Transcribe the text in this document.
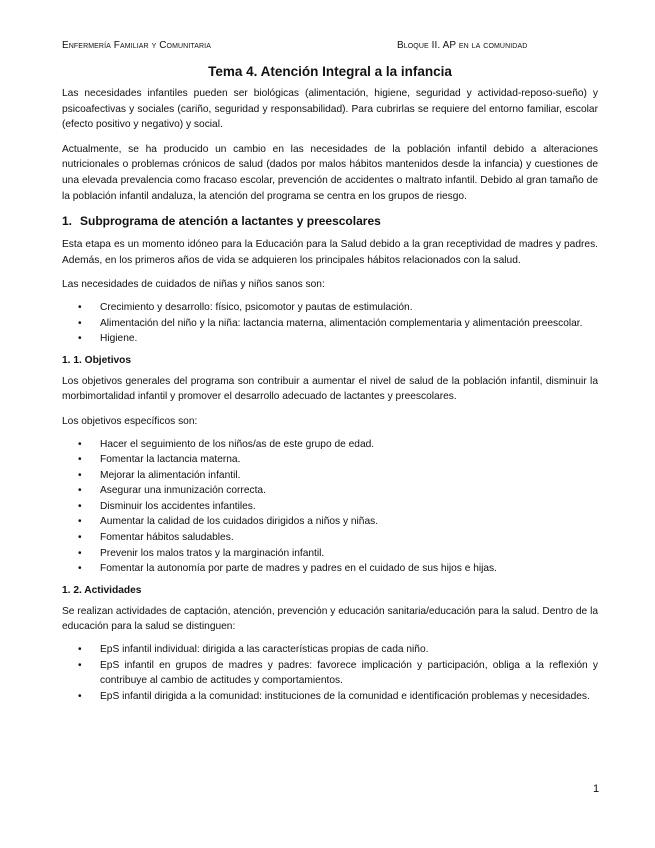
Enfermería Familiar y Comunitaria	Bloque II. AP en la comunidad
Tema 4. Atención Integral a la infancia

Las necesidades infantiles pueden ser biológicas (alimentación, higiene, seguridad y actividad-reposo-sueño) y psicoafectivas y sociales (cariño, seguridad y responsabilidad). Para cubrirlas se requiere del entorno familiar, escolar (efecto positivo y negativo) y social.

Actualmente, se ha producido un cambio en las necesidades de la población infantil debido a alteraciones nutricionales o problemas crónicos de salud (dados por malos hábitos mantenidos desde la infancia) y cuestiones de una elevada prevalencia como fracaso escolar, prevención de accidentes o maltrato infantil. Debido al gran tamaño de la población infantil andaluza, la atención del programa se centra en los grupos de riesgo.

1. Subprograma de atención a lactantes y preescolares

Esta etapa es un momento idóneo para la Educación para la Salud debido a la gran receptividad de madres y padres. Además, en los primeros años de vida se adquieren los principales hábitos relacionados con la salud.

Las necesidades de cuidados de niñas y niños sanos son:

• Crecimiento y desarrollo: físico, psicomotor y pautas de estimulación.
• Alimentación del niño y la niña: lactancia materna, alimentación complementaria y alimentación preescolar.
• Higiene.
1. 1. Objetivos

Los objetivos generales del programa son contribuir a aumentar el nivel de salud de la población infantil, disminuir la morbimortalidad infantil y promover el desarrollo adecuado de lactantes y preescolares.

Los objetivos específicos son:

• Hacer el seguimiento de los niños/as de este grupo de edad.
• Fomentar la lactancia materna.
• Mejorar la alimentación infantil.
• Asegurar una inmunización correcta.
• Disminuir los accidentes infantiles.
• Aumentar la calidad de los cuidados dirigidos a niños y niñas.
• Fomentar hábitos saludables.
• Prevenir los malos tratos y la marginación infantil.
• Fomentar la autonomía por parte de madres y padres en el cuidado de sus hijos e hijas.
1. 2. Actividades

Se realizan actividades de captación, atención, prevención y educación sanitaria/educación para la salud. Dentro de la educación para la salud se distinguen:

• EpS infantil individual: dirigida a las características propias de cada niño.
• EpS infantil en grupos de madres y padres: favorece implicación y participación, obliga a la reflexión y contribuye al cambio de actitudes y comportamientos.
• EpS infantil dirigida a la comunidad: instituciones de la comunidad e identificación problemas y necesidades.
1
